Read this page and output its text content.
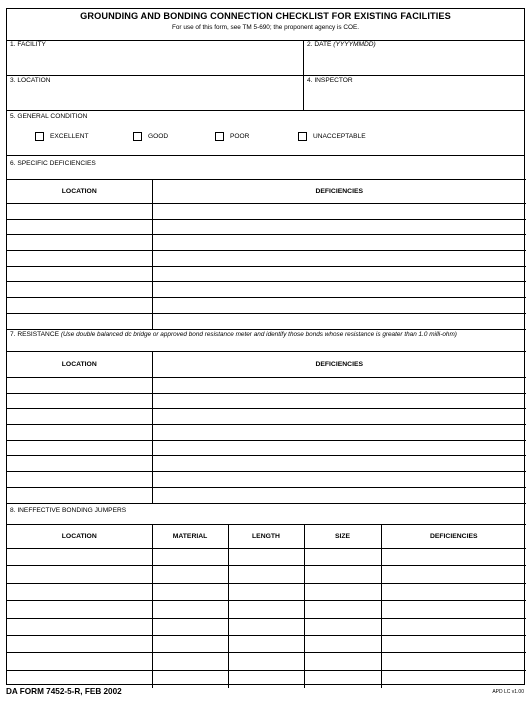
GROUNDING AND BONDING CONNECTION CHECKLIST FOR EXISTING FACILITIES
For use of this form, see TM 5-690; the proponent agency is COE.
1. FACILITY	2. DATE (YYYYMMDD)
3. LOCATION	4. INSPECTOR
5. GENERAL CONDITION
EXCELLENT	GOOD	POOR	UNACCEPTABLE
6. SPECIFIC DEFICIENCIES
LOCATION	DEFICIENCIES

7. RESISTANCE (Use double balanced dc bridge or approved bond resistance meter and identify those bonds whose resistance is greater than 1.0 milli-ohm)
LOCATION	DEFICIENCIES

8. INEFFECTIVE BONDING JUMPERS
LOCATION	MATERIAL	LENGTH	SIZE	DEFICIENCIES

DA FORM 7452-5-R, FEB 2002	APD LC v1.00
